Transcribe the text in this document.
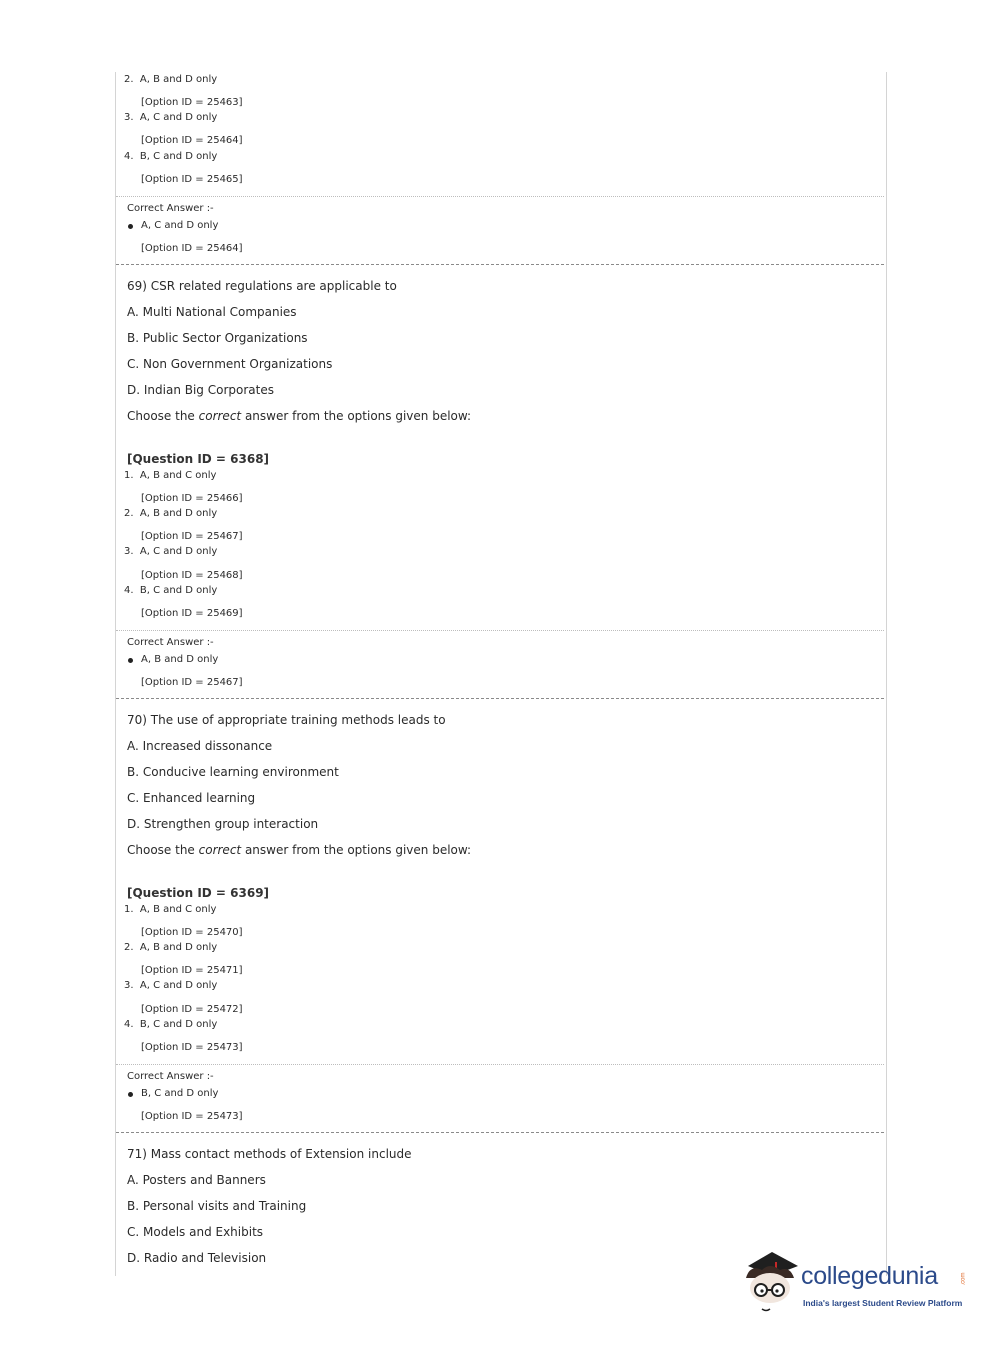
2. A, B and D only
[Option ID = 25463]
3. A, C and D only
[Option ID = 25464]
4. B, C and D only
[Option ID = 25465]
Correct Answer :-
A, C and D only
[Option ID = 25464]
69) CSR related regulations are applicable to
A. Multi National Companies
B. Public Sector Organizations
C. Non Government Organizations
D. Indian Big Corporates
Choose the correct answer from the options given below:
[Question ID = 6368]
1. A, B and C only
[Option ID = 25466]
2. A, B and D only
[Option ID = 25467]
3. A, C and D only
[Option ID = 25468]
4. B, C and D only
[Option ID = 25469]
Correct Answer :-
A, B and D only
[Option ID = 25467]
70) The use of appropriate training methods leads to
A. Increased dissonance
B. Conducive learning environment
C. Enhanced learning
D. Strengthen group interaction
Choose the correct answer from the options given below:
[Question ID = 6369]
1. A, B and C only
[Option ID = 25470]
2. A, B and D only
[Option ID = 25471]
3. A, C and D only
[Option ID = 25472]
4. B, C and D only
[Option ID = 25473]
Correct Answer :-
B, C and D only
[Option ID = 25473]
71) Mass contact methods of Extension include
A. Posters and Banners
B. Personal visits and Training
C. Models and Exhibits
D. Radio and Television
collegedunia	.com
India's largest Student Review Platform
